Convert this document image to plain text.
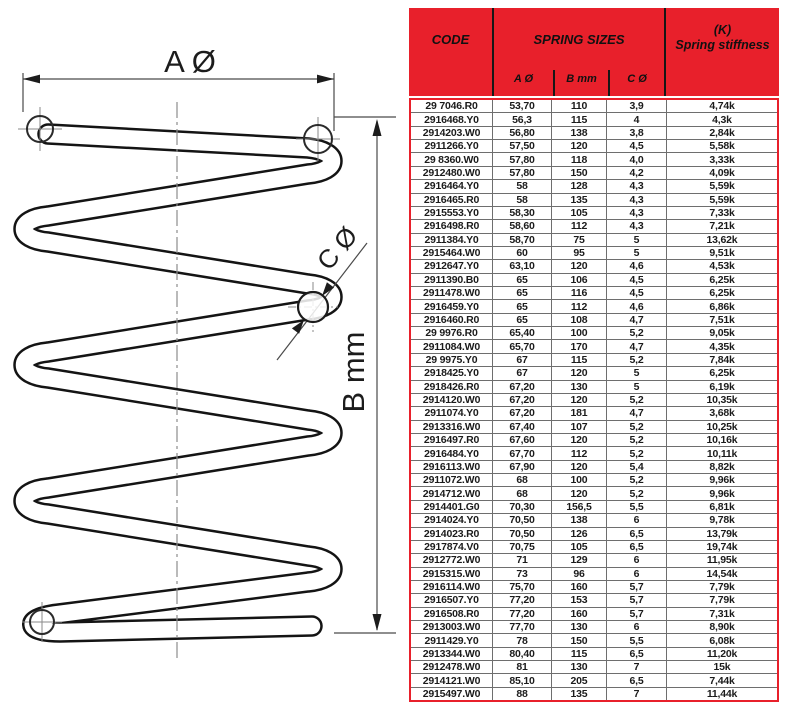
A Ø
B mm
C Ø
CODE	SPRING SIZES
A Ø	B mm	C Ø
(K)
Spring stiffness
29 7046.R0	53,70	110	3,9	4,74k
2916468.Y0	56,3	115	4	4,3k
2914203.W0	56,80	138	3,8	2,84k
2911266.Y0	57,50	120	4,5	5,58k
29 8360.W0	57,80	118	4,0	3,33k
2912480.W0	57,80	150	4,2	4,09k
2916464.Y0	58	128	4,3	5,59k
2916465.R0	58	135	4,3	5,59k
2915553.Y0	58,30	105	4,3	7,33k
2916498.R0	58,60	112	4,3	7,21k
2911384.Y0	58,70	75	5	13,62k
2915464.W0	60	95	5	9,51k
2912647.Y0	63,10	120	4,6	4,53k
2911390.B0	65	106	4,5	6,25k
2911478.W0	65	116	4,5	6,25k
2916459.Y0	65	112	4,6	6,86k
2916460.R0	65	108	4,7	7,51k
29 9976.R0	65,40	100	5,2	9,05k
2911084.W0	65,70	170	4,7	4,35k
29 9975.Y0	67	115	5,2	7,84k
2918425.Y0	67	120	5	6,25k
2918426.R0	67,20	130	5	6,19k
2914120.W0	67,20	120	5,2	10,35k
2911074.Y0	67,20	181	4,7	3,68k
2913316.W0	67,40	107	5,2	10,25k
2916497.R0	67,60	120	5,2	10,16k
2916484.Y0	67,70	112	5,2	10,11k
2916113.W0	67,90	120	5,4	8,82k
2911072.W0	68	100	5,2	9,96k
2914712.W0	68	120	5,2	9,96k
2914401.G0	70,30	156,5	5,5	6,81k
2914024.Y0	70,50	138	6	9,78k
2914023.R0	70,50	126	6,5	13,79k
2917874.V0	70,75	105	6,5	19,74k
2912772.W0	71	129	6	11,95k
2915315.W0	73	96	6	14,54k
2916114.W0	75,70	160	5,7	7,79k
2916507.Y0	77,20	153	5,7	7,79k
2916508.R0	77,20	160	5,7	7,31k
2913003.W0	77,70	130	6	8,90k
2911429.Y0	78	150	5,5	6,08k
2913344.W0	80,40	115	6,5	11,20k
2912478.W0	81	130	7	15k
2914121.W0	85,10	205	6,5	7,44k
2915497.W0	88	135	7	11,44k
